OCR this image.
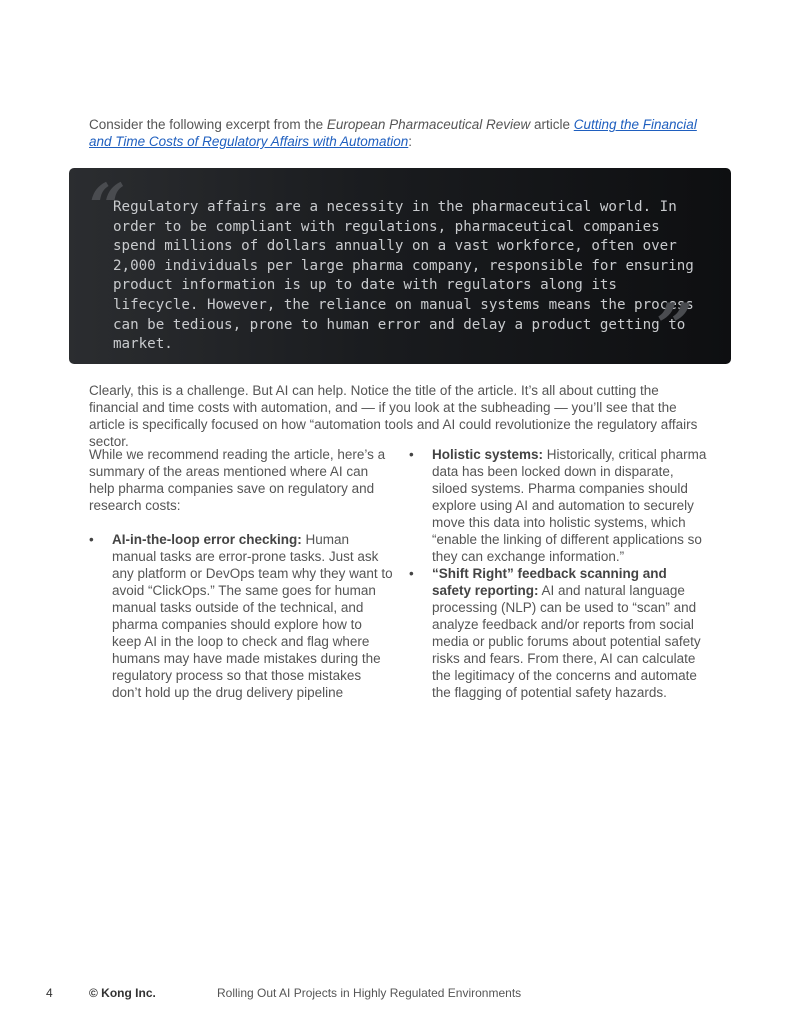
Consider the following excerpt from the European Pharmaceutical Review article Cutting the Financial and Time Costs of Regulatory Affairs with Automation:
“

Regulatory affairs are a necessity in the pharmaceutical world. In order to be compliant with regulations, pharmaceutical companies spend millions of dollars annually on a vast workforce, often over 2,000 individuals per large pharma company, responsible for ensuring product information is up to date with regulators along its lifecycle. However, the reliance on manual systems means the process can be tedious, prone to human error and delay a product getting to market.	”
Clearly, this is a challenge. But AI can help. Notice the title of the article. It’s all about cutting the financial and time costs with automation, and — if you look at the subheading — you’ll see that the article is specifically focused on how “automation tools and AI could revolutionize the regulatory affairs sector.
While we recommend reading the article, here’s a summary of the areas mentioned where AI can help pharma companies save on regulatory and research costs:
• AI-in-the-loop error checking: Human manual tasks are error-prone tasks. Just ask any platform or DevOps team why they want to avoid “ClickOps.” The same goes for human manual tasks outside of the technical, and pharma companies should explore how to keep AI in the loop to check and flag where humans may have made mistakes during the regulatory process so that those mistakes don’t hold up the drug delivery pipeline
• Holistic systems: Historically, critical pharma data has been locked down in disparate, siloed systems. Pharma companies should explore using AI and automation to securely move this data into holistic systems, which “enable the linking of different applications so they can exchange information.”
• “Shift Right” feedback scanning and safety reporting: AI and natural language processing (NLP) can be used to “scan” and analyze feedback and/or reports from social media or public forums about potential safety risks and fears. From there, AI can calculate the legitimacy of the concerns and automate the flagging of potential safety hazards.
4	© Kong Inc.	Rolling Out AI Projects in Highly Regulated Environments
